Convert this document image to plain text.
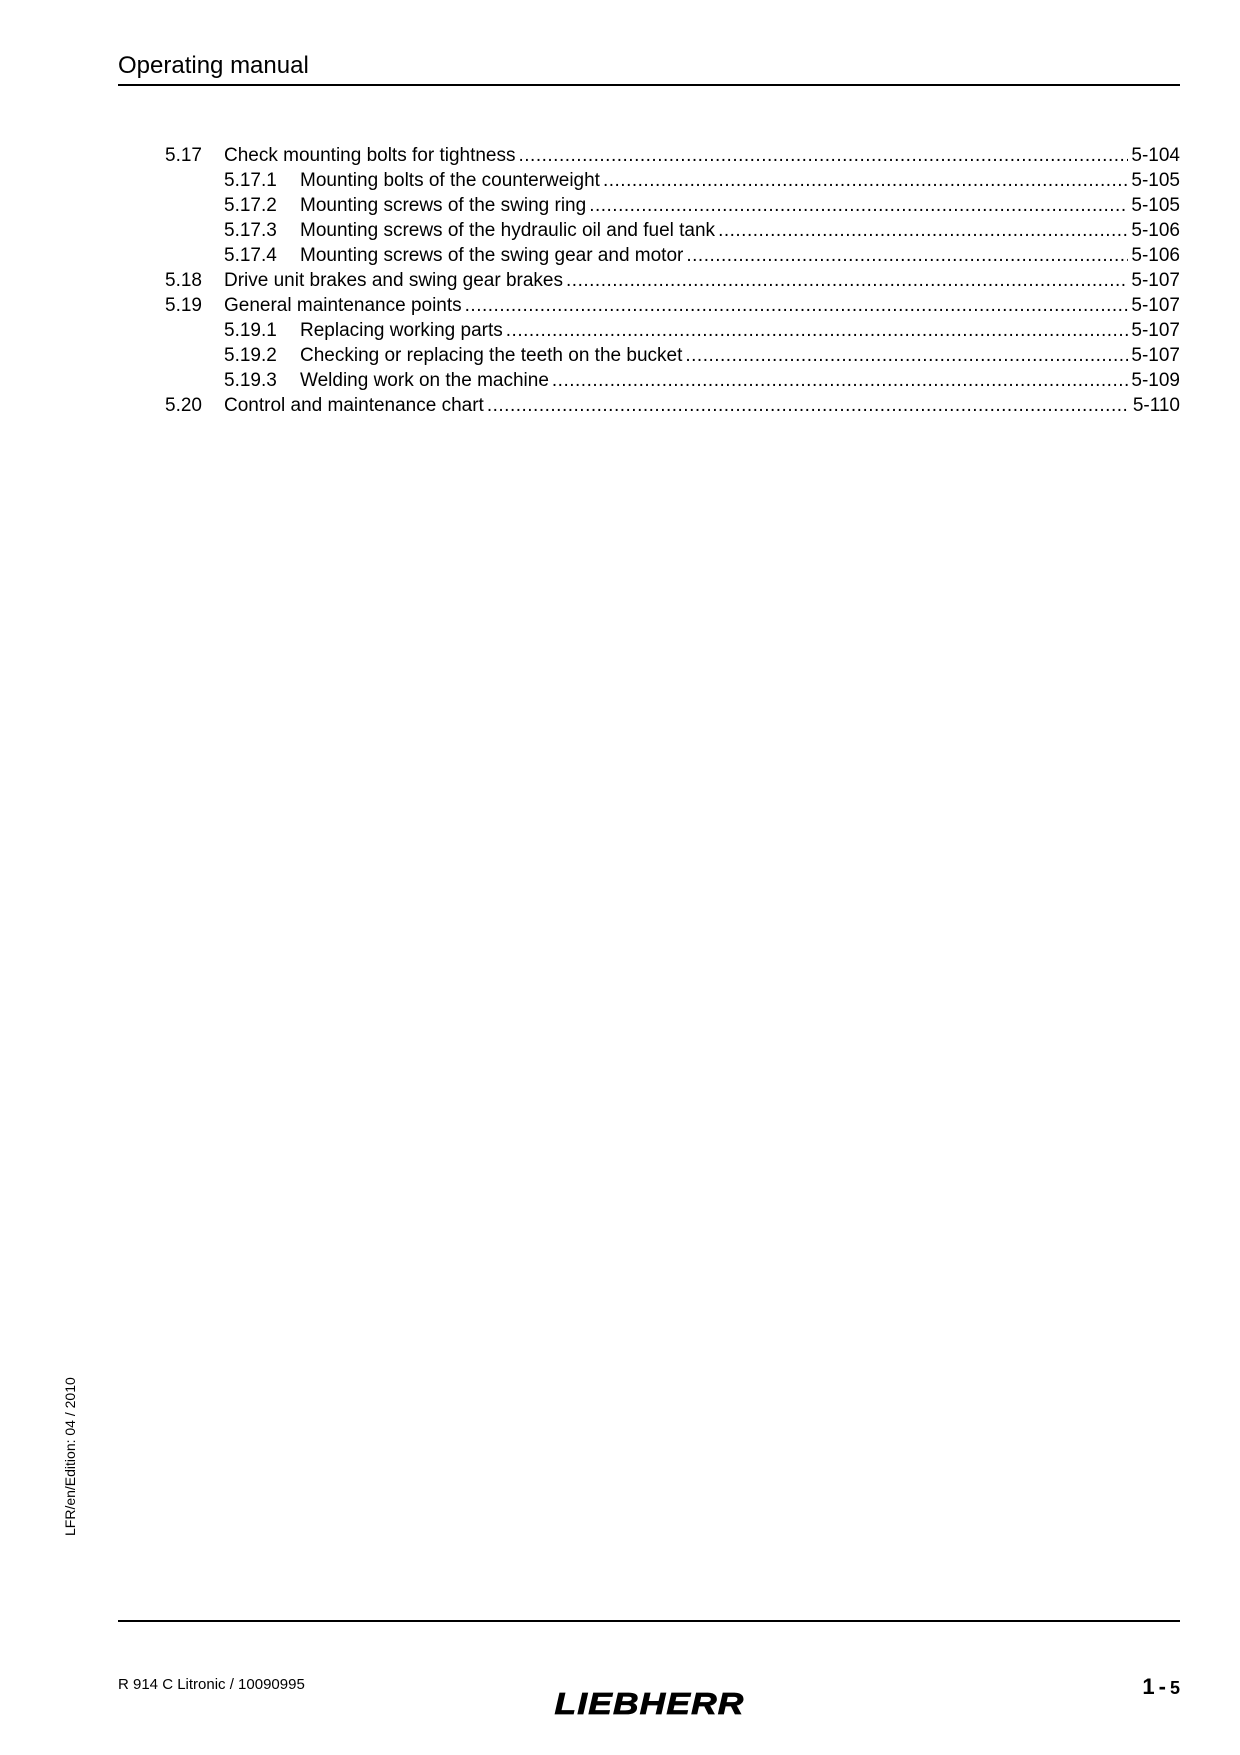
Operating manual
5.17	Check mounting bolts for tightness .....	5-104
5.17.1	Mounting bolts of the counterweight .....	5-105
5.17.2	Mounting screws of the swing ring .....	5-105
5.17.3	Mounting screws of the hydraulic oil and fuel tank .....	5-106
5.17.4	Mounting screws of the swing gear and motor .....	5-106
5.18	Drive unit brakes and swing gear brakes .....	5-107
5.19	General maintenance points .....	5-107
5.19.1	Replacing working parts .....	5-107
5.19.2	Checking or replacing the teeth on the bucket .....	5-107
5.19.3	Welding work on the machine .....	5-109
5.20	Control and maintenance chart .....	5-110
LFR/en/Edition: 04 / 2010
R 914 C Litronic / 10090995
LIEBHERR	1 - 5
